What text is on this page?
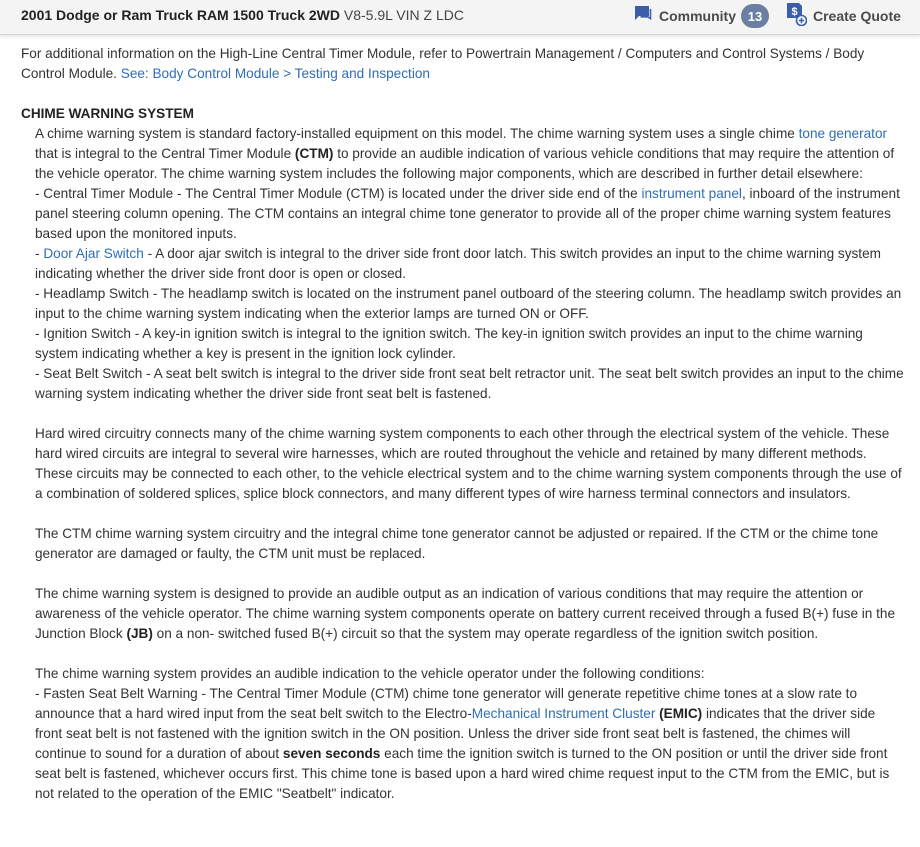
2001 Dodge or Ram Truck RAM 1500 Truck 2WD V8-5.9L VIN Z LDC	Community 13	$ Create Quote

For additional information on the High-Line Central Timer Module, refer to Powertrain Management / Computers and Control Systems / Body Control Module. See: Body Control Module > Testing and Inspection

CHIME WARNING SYSTEM

A chime warning system is standard factory-installed equipment on this model. The chime warning system uses a single chime tone generator that is integral to the Central Timer Module (CTM) to provide an audible indication of various vehicle conditions that may require the attention of the vehicle operator. The chime warning system includes the following major components, which are described in further detail elsewhere:

- Central Timer Module - The Central Timer Module (CTM) is located under the driver side end of the instrument panel, inboard of the instrument panel steering column opening. The CTM contains an integral chime tone generator to provide all of the proper chime warning system features based upon the monitored inputs.

- Door Ajar Switch - A door ajar switch is integral to the driver side front door latch. This switch provides an input to the chime warning system indicating whether the driver side front door is open or closed.

- Headlamp Switch - The headlamp switch is located on the instrument panel outboard of the steering column. The headlamp switch provides an input to the chime warning system indicating when the exterior lamps are turned ON or OFF.

- Ignition Switch - A key-in ignition switch is integral to the ignition switch. The key-in ignition switch provides an input to the chime warning system indicating whether a key is present in the ignition lock cylinder.

- Seat Belt Switch - A seat belt switch is integral to the driver side front seat belt retractor unit. The seat belt switch provides an input to the chime warning system indicating whether the driver side front seat belt is fastened.

Hard wired circuitry connects many of the chime warning system components to each other through the electrical system of the vehicle. These hard wired circuits are integral to several wire harnesses, which are routed throughout the vehicle and retained by many different methods. These circuits may be connected to each other, to the vehicle electrical system and to the chime warning system components through the use of a combination of soldered splices, splice block connectors, and many different types of wire harness terminal connectors and insulators.

The CTM chime warning system circuitry and the integral chime tone generator cannot be adjusted or repaired. If the CTM or the chime tone generator are damaged or faulty, the CTM unit must be replaced.

The chime warning system is designed to provide an audible output as an indication of various conditions that may require the attention or awareness of the vehicle operator. The chime warning system components operate on battery current received through a fused B(+) fuse in the Junction Block (JB) on a non- switched fused B(+) circuit so that the system may operate regardless of the ignition switch position.

The chime warning system provides an audible indication to the vehicle operator under the following conditions:

- Fasten Seat Belt Warning - The Central Timer Module (CTM) chime tone generator will generate repetitive chime tones at a slow rate to announce that a hard wired input from the seat belt switch to the Electro-Mechanical Instrument Cluster (EMIC) indicates that the driver side front seat belt is not fastened with the ignition switch in the ON position. Unless the driver side front seat belt is fastened, the chimes will continue to sound for a duration of about seven seconds each time the ignition switch is turned to the ON position or until the driver side front seat belt is fastened, whichever occurs first. This chime tone is based upon a hard wired chime request input to the CTM from the EMIC, but is not related to the operation of the EMIC "Seatbelt" indicator.
